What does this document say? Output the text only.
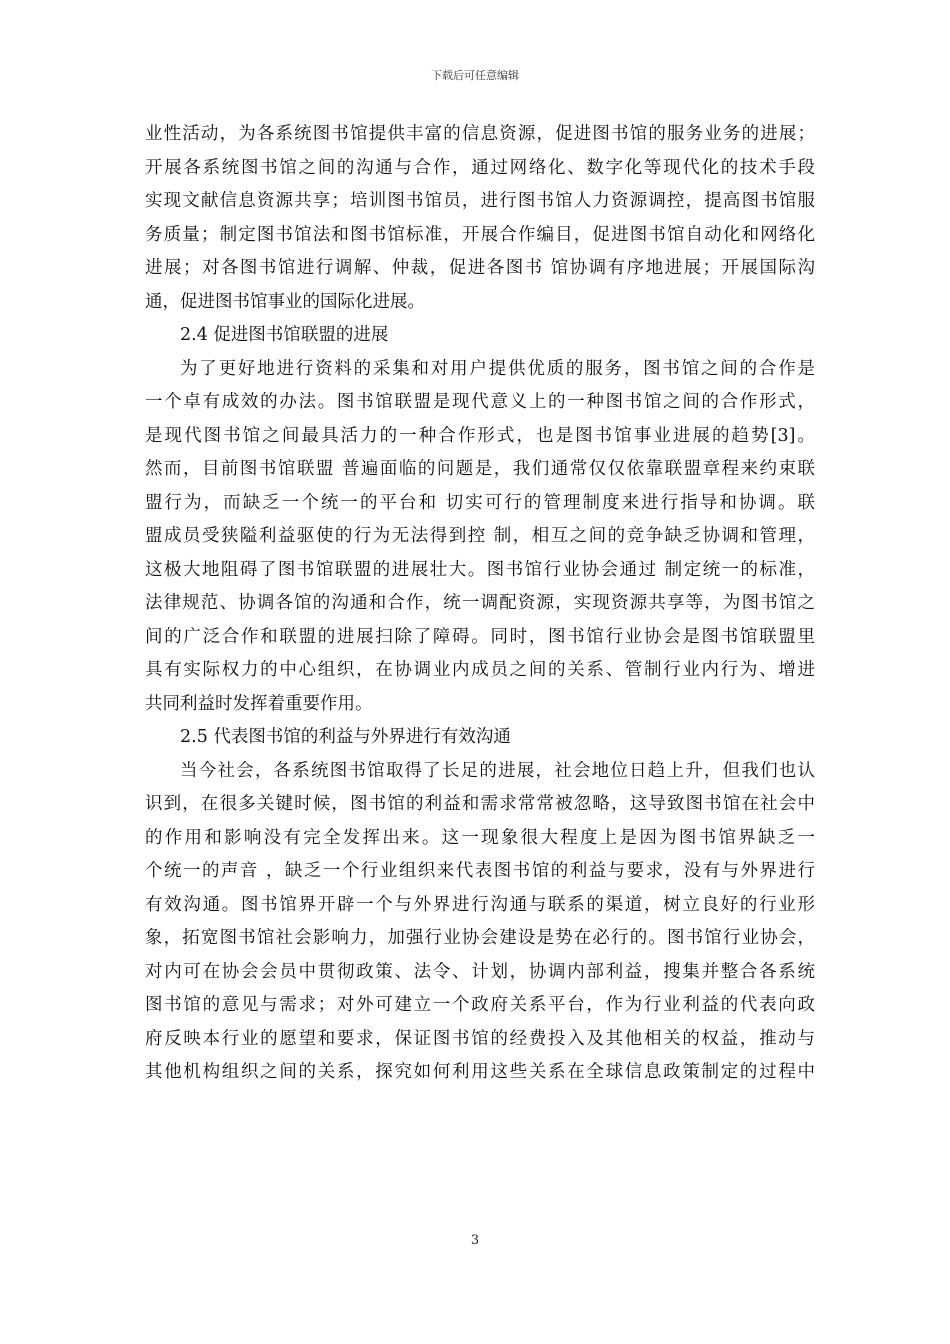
下载后可任意编辑
业性活动，为各系统图书馆提供丰富的信息资源，促进图书馆的服务业务的进展；
开展各系统图书馆之间的沟通与合作，通过网络化、数字化等现代化的技术手段
实现文献信息资源共享；培训图书馆员，进行图书馆人力资源调控，提高图书馆服
务质量；制定图书馆法和图书馆标准，开展合作编目，促进图书馆自动化和网络化
进展；对各图书馆进行调解、仲裁，促进各图书 馆协调有序地进展；开展国际沟
通，促进图书馆事业的国际化进展。
2.4 促进图书馆联盟的进展
为了更好地进行资料的采集和对用户提供优质的服务，图书馆之间的合作是
一个卓有成效的办法。图书馆联盟是现代意义上的一种图书馆之间的合作形式，
是现代图书馆之间最具活力的一种合作形式，也是图书馆事业进展的趋势[3]。
然而，目前图书馆联盟 普遍面临的问题是，我们通常仅仅依靠联盟章程来约束联
盟行为，而缺乏一个统一的平台和 切实可行的管理制度来进行指导和协调。联
盟成员受狭隘利益驱使的行为无法得到控 制，相互之间的竞争缺乏协调和管理，
这极大地阻碍了图书馆联盟的进展壮大。图书馆行业协会通过 制定统一的标准，
法律规范、协调各馆的沟通和合作，统一调配资源，实现资源共享等，为图书馆之
间的广泛合作和联盟的进展扫除了障碍。同时，图书馆行业协会是图书馆联盟里
具有实际权力的中心组织，在协调业内成员之间的关系、管制行业内行为、增进
共同利益时发挥着重要作用。
2.5 代表图书馆的利益与外界进行有效沟通
当今社会，各系统图书馆取得了长足的进展，社会地位日趋上升，但我们也认
识到，在很多关键时候，图书馆的利益和需求常常被忽略，这导致图书馆在社会中
的作用和影响没有完全发挥出来。这一现象很大程度上是因为图书馆界缺乏一
个统一的声音 ，缺乏一个行业组织来代表图书馆的利益与要求，没有与外界进行
有效沟通。图书馆界开辟一个与外界进行沟通与联系的渠道，树立良好的行业形
象，拓宽图书馆社会影响力，加强行业协会建设是势在必行的。图书馆行业协会，
对内可在协会会员中贯彻政策、法令、计划，协调内部利益，搜集并整合各系统
图书馆的意见与需求；对外可建立一个政府关系平台，作为行业利益的代表向政
府反映本行业的愿望和要求，保证图书馆的经费投入及其他相关的权益，推动与
其他机构组织之间的关系，探究如何利用这些关系在全球信息政策制定的过程中
3
